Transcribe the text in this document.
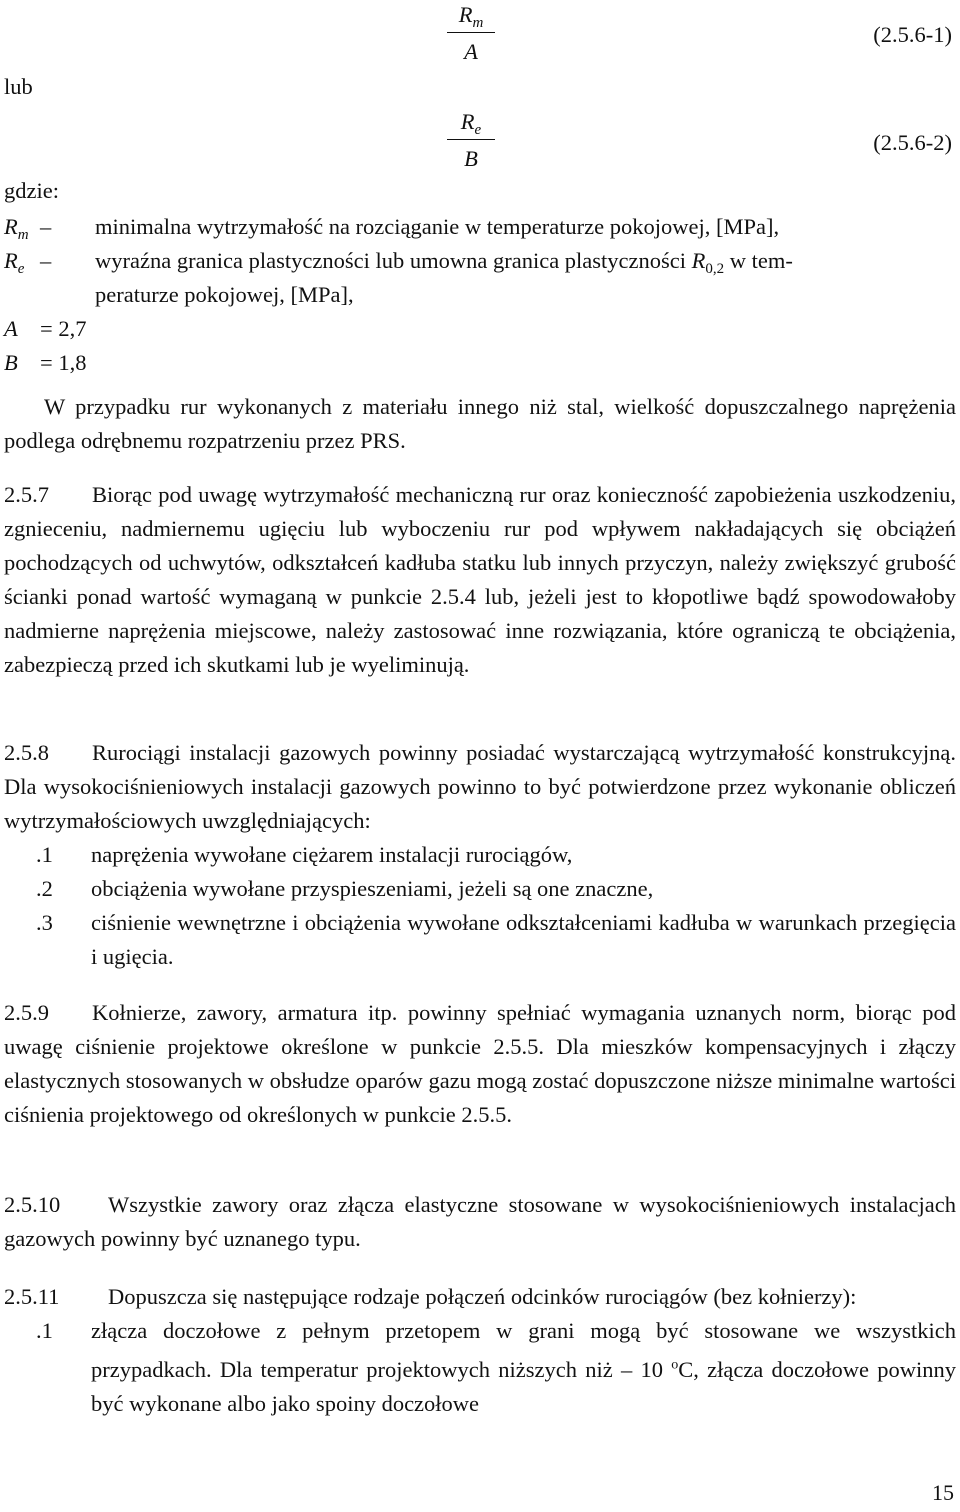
$R_m$
A
(2.5.6-1)
lub
$R_e$
B
(2.5.6-2)
gdzie:
$R_m$ – minimalna wytrzymałość na rozciąganie w temperaturze pokojowej, [MPa],
$R_e$ – wyraźna granica plastyczności lub umowna granica plastyczności $R_{0,2}$ w tem-
peraturze pokojowej, [MPa],
A = 2,7
B = 1,8

W przypadku rur wykonanych z materiału innego niż stal, wielkość dopuszczalnego naprężenia podlega odrębnemu rozpatrzeniu przez PRS.

2.5.7 Biorąc pod uwagę wytrzymałość mechaniczną rur oraz konieczność zapobieżenia uszkodzeniu, zgnieceniu, nadmiernemu ugięciu lub wyboczeniu rur pod wpływem nakładających się obciążeń pochodzących od uchwytów, odkształceń kadłuba statku lub innych przyczyn, należy zwiększyć grubość ścianki ponad wartość wymaganą w punkcie 2.5.4 lub, jeżeli jest to kłopotliwe bądź spowodowałoby nadmierne naprężenia miejscowe, należy zastosować inne rozwiązania, które ograniczą te obciążenia, zabezpieczą przed ich skutkami lub je wyeliminują.

2.5.8 Rurociągi instalacji gazowych powinny posiadać wystarczającą wytrzymałość konstrukcyjną. Dla wysokociśnieniowych instalacji gazowych powinno to być potwierdzone przez wykonanie obliczeń wytrzymałościowych uwzględniających:

.1 naprężenia wywołane ciężarem instalacji rurociągów,
.2 obciążenia wywołane przyspieszeniami, jeżeli są one znaczne,
.3 ciśnienie wewnętrzne i obciążenia wywołane odkształceniami kadłuba w warunkach przegięcia i ugięcia.

2.5.9 Kołnierze, zawory, armatura itp. powinny spełniać wymagania uznanych norm, biorąc pod uwagę ciśnienie projektowe określone w punkcie 2.5.5. Dla mieszków kompensacyjnych i złączy elastycznych stosowanych w obsłudze oparów gazu mogą zostać dopuszczone niższe minimalne wartości ciśnienia projektowego od określonych w punkcie 2.5.5.

2.5.10 Wszystkie zawory oraz złącza elastyczne stosowane w wysokociśnieniowych instalacjach gazowych powinny być uznanego typu.

2.5.11 Dopuszcza się następujące rodzaje połączeń odcinków rurociągów (bez kołnierzy):

.1 złącza doczołowe z pełnym przetopem w grani mogą być stosowane we wszystkich przypadkach. Dla temperatur projektowych niższych niż – 10 $^o$C, złącza doczołowe powinny być wykonane albo jako spoiny doczołowe
15
